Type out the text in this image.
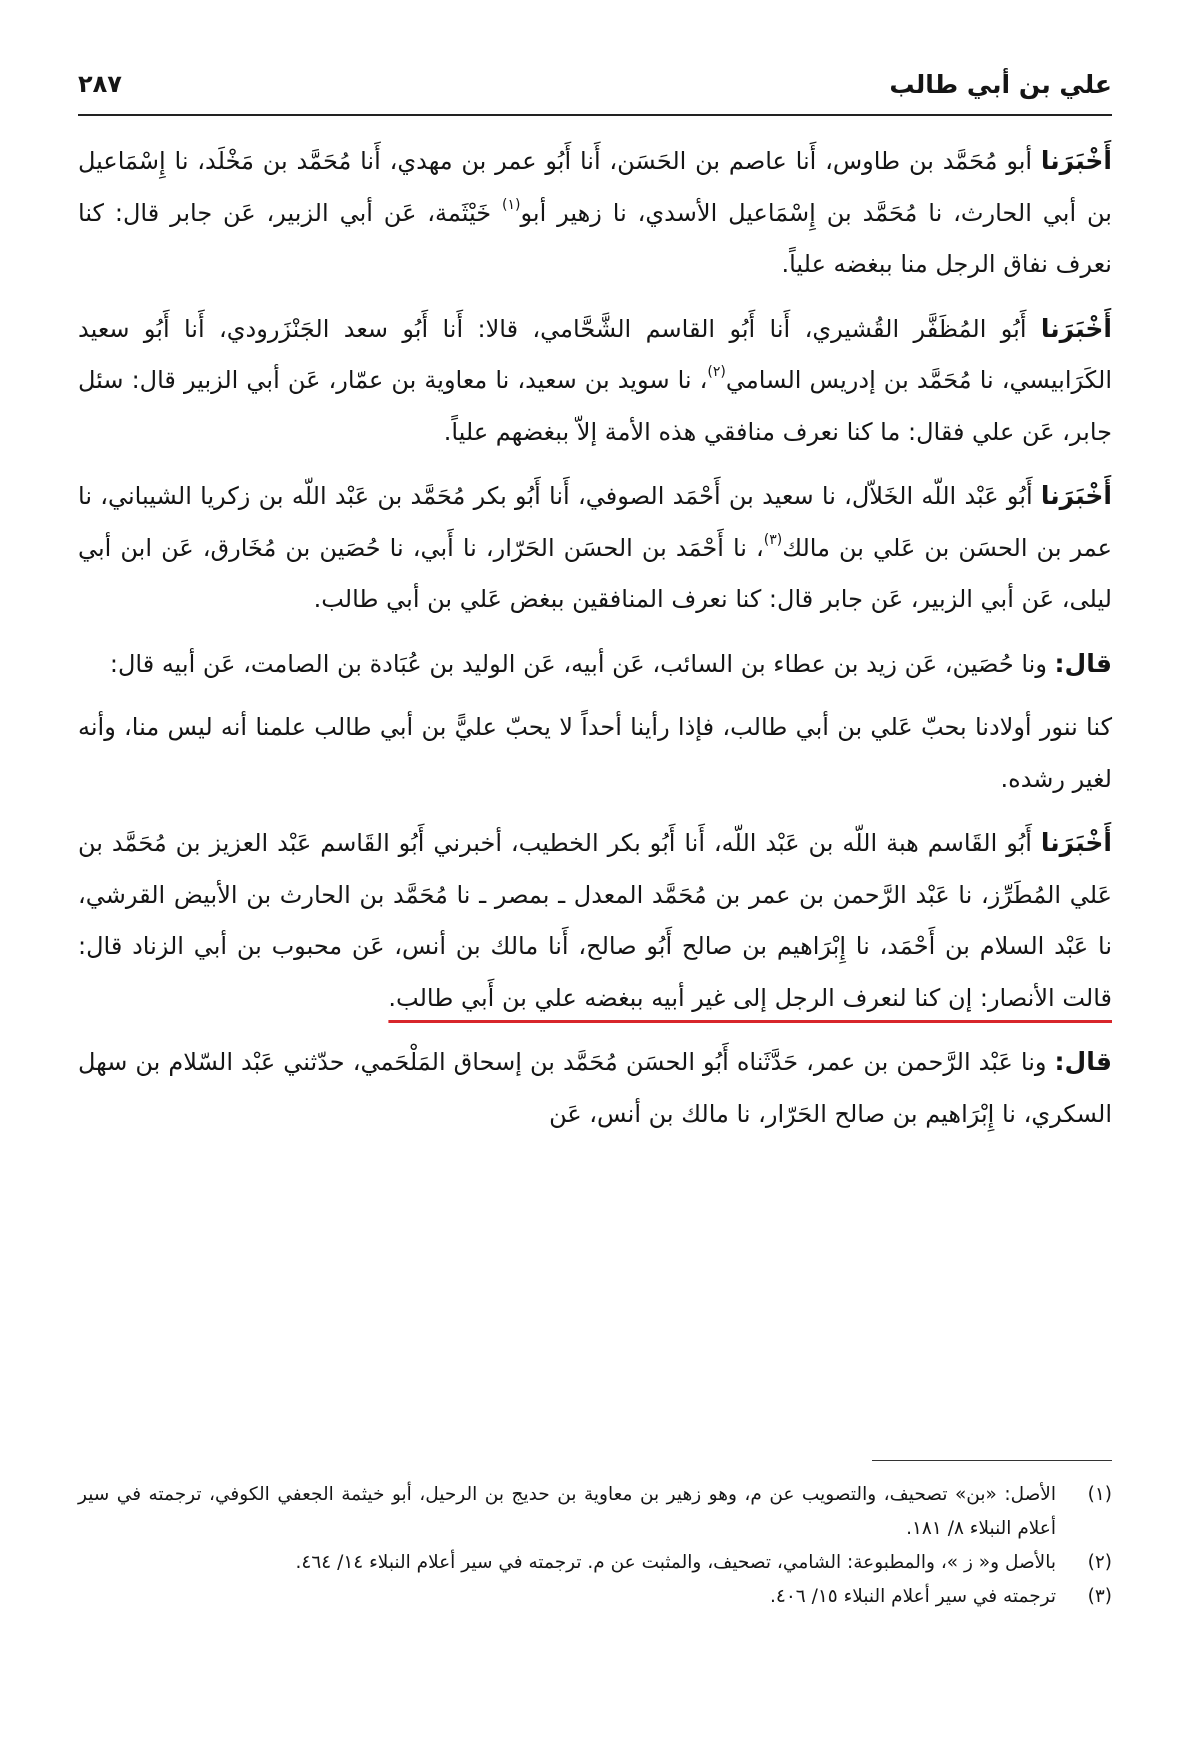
علي بن أبي طالب
٢٨٧

أَخْبَرَنا أبو مُحَمَّد بن طاوس، أَنا عاصم بن الحَسَن، أَنا أَبُو عمر بن مهدي، أَنا مُحَمَّد بن مَخْلَد، نا إِسْمَاعيل بن أبي الحارث، نا مُحَمَّد بن إِسْمَاعيل الأسدي، نا زهير أبو$^{(١)}$ خَيْثَمة، عَن أبي الزبير، عَن جابر قال: كنا نعرف نفاق الرجل منا ببغضه علياً.

أَخْبَرَنا أَبُو المُظَفَّر القُشيري، أَنا أَبُو القاسم الشَّحَّامي، قالا: أَنا أَبُو سعد الجَنْزَرودي، أَنا أَبُو سعيد الكَرَابيسي، نا مُحَمَّد بن إدريس السامي$^{(٢)}$، نا سويد بن سعيد، نا معاوية بن عمّار، عَن أبي الزبير قال: سئل جابر، عَن علي فقال: ما كنا نعرف منافقي هذه الأمة إلاّ ببغضهم علياً.

أَخْبَرَنا أَبُو عَبْد اللّه الخَلاّل، نا سعيد بن أَحْمَد الصوفي، أَنا أَبُو بكر مُحَمَّد بن عَبْد اللّه بن زكريا الشيباني، نا عمر بن الحسَن بن عَلي بن مالك$^{(٣)}$، نا أَحْمَد بن الحسَن الحَرّار، نا أَبي، نا حُصَين بن مُخَارق، عَن ابن أبي ليلى، عَن أبي الزبير، عَن جابر قال: كنا نعرف المنافقين ببغض عَلي بن أبي طالب.

قال: ونا حُصَين، عَن زيد بن عطاء بن السائب، عَن أبيه، عَن الوليد بن عُبَادة بن الصامت، عَن أبيه قال:

كنا ننور أولادنا بحبّ عَلي بن أبي طالب، فإذا رأينا أحداً لا يحبّ عليًّ بن أبي طالب علمنا أنه ليس منا، وأنه لغير رشده.

أَخْبَرَنا أَبُو القَاسم هبة اللّه بن عَبْد اللّه، أَنا أَبُو بكر الخطيب، أخبرني أَبُو القَاسم عَبْد العزيز بن مُحَمَّد بن عَلي المُطَرِّز، نا عَبْد الرَّحمن بن عمر بن مُحَمَّد المعدل ـ بمصر ـ نا مُحَمَّد بن الحارث بن الأبيض القرشي، نا عَبْد السلام بن أَحْمَد، نا إِبْرَاهيم بن صالح أَبُو صالح، أَنا مالك بن أنس، عَن محبوب بن أبي الزناد قال: قالت الأنصار: إن كنا لنعرف الرجل إلى غير أبيه ببغضه علي بن أَبي طالب.

قال: ونا عَبْد الرَّحمن بن عمر، حَدَّثَناه أَبُو الحسَن مُحَمَّد بن إسحاق المَلْحَمي، حدّثني عَبْد السّلام بن سهل السكري، نا إِبْرَاهيم بن صالح الحَرّار، نا مالك بن أنس، عَن

(١)
الأصل: «بن» تصحيف، والتصويب عن م، وهو زهير بن معاوية بن حديج بن الرحيل، أبو خيثمة الجعفي الكوفي، ترجمته في سير أعلام النبلاء ٨/ ١٨١.
(٢)
بالأصل و« ز »، والمطبوعة: الشامي، تصحيف، والمثبت عن م. ترجمته في سير أعلام النبلاء ١٤/ ٤٦٤.
(٣)
ترجمته في سير أعلام النبلاء ١٥/ ٤٠٦.
